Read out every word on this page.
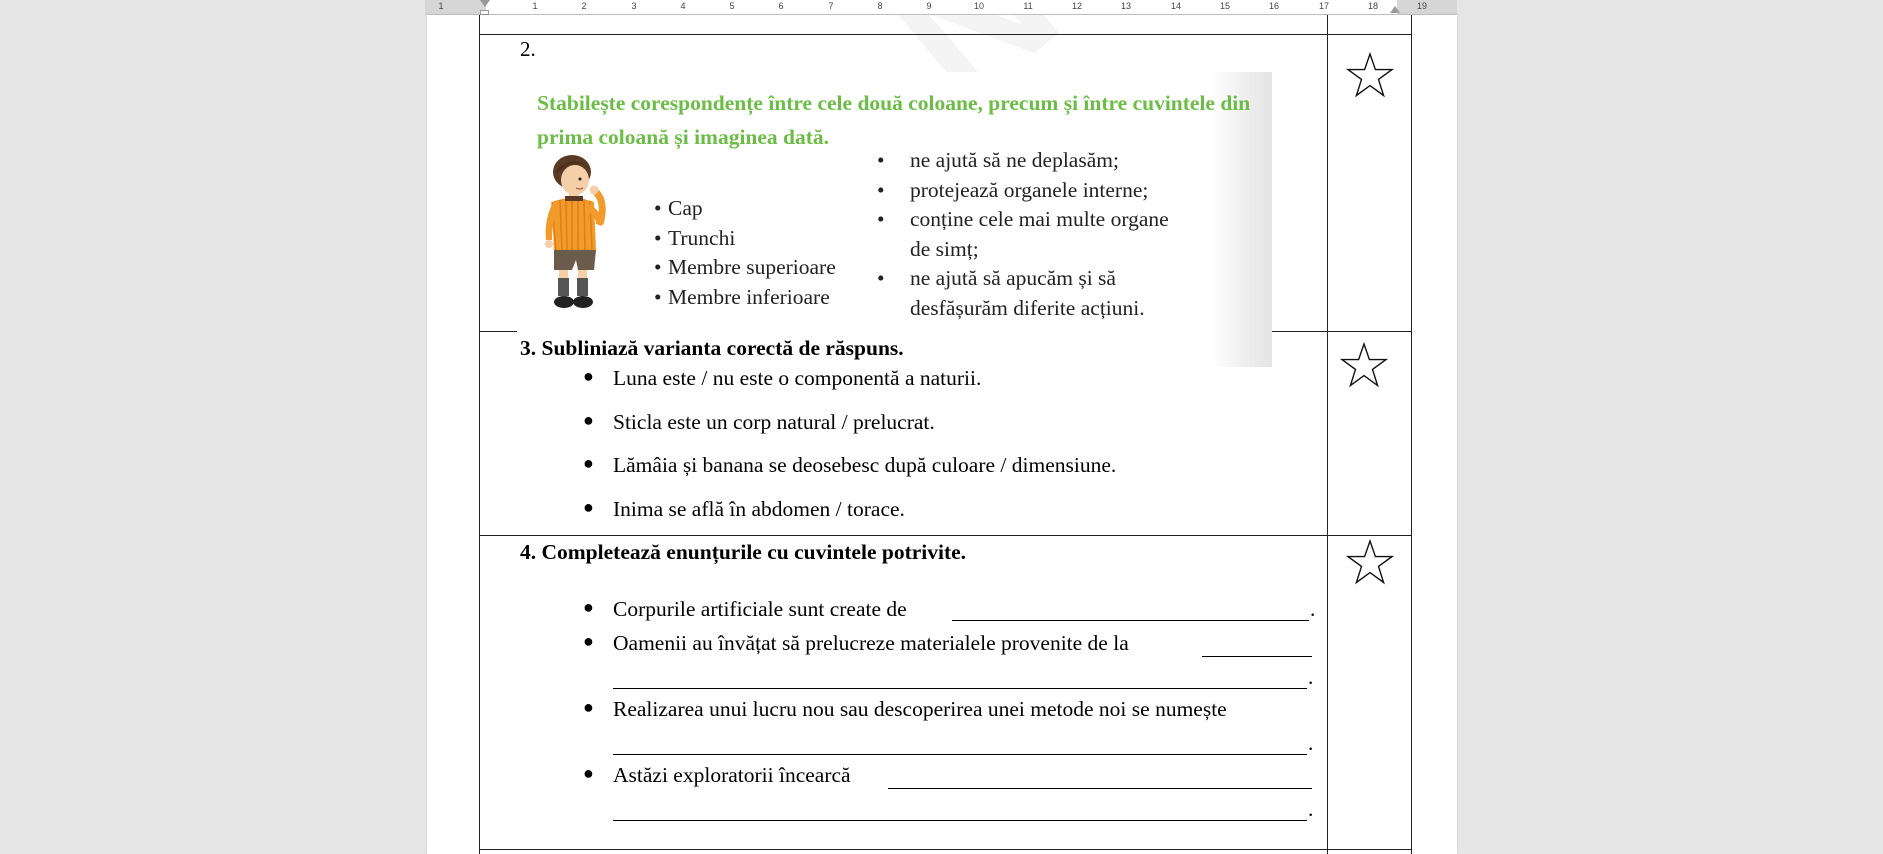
1	1	2	3	4	5	6	7	8	9	10	11	12	13	14	15	16	17	18	19
2.
Stabilește corespondențe între cele două coloane, precum și între cuvintele din prima coloană și imaginea dată.
• Cap
• Trunchi
• Membre superioare
• Membre inferioare
• ne ajută să ne deplasăm;
• protejează organele interne;
• conține cele mai multe organe
de simț;
• ne ajută să apucăm și să
desfășurăm diferite acțiuni.
3. Subliniază varianta corectă de răspuns.
● Luna este / nu este o componentă a naturii.
● Sticla este un corp natural / prelucrat.
● Lămâia și banana se deosebesc după culoare / dimensiune.
● Inima se află în abdomen / torace.
4. Completează enunțurile cu cuvintele potrivite.
● Corpurile artificiale sunt create de	.
● Oamenii au învățat să prelucreze materialele provenite de la
.
● Realizarea unui lucru nou sau descoperirea unei metode noi se numește
.
● Astăzi exploratorii încearcă
.
